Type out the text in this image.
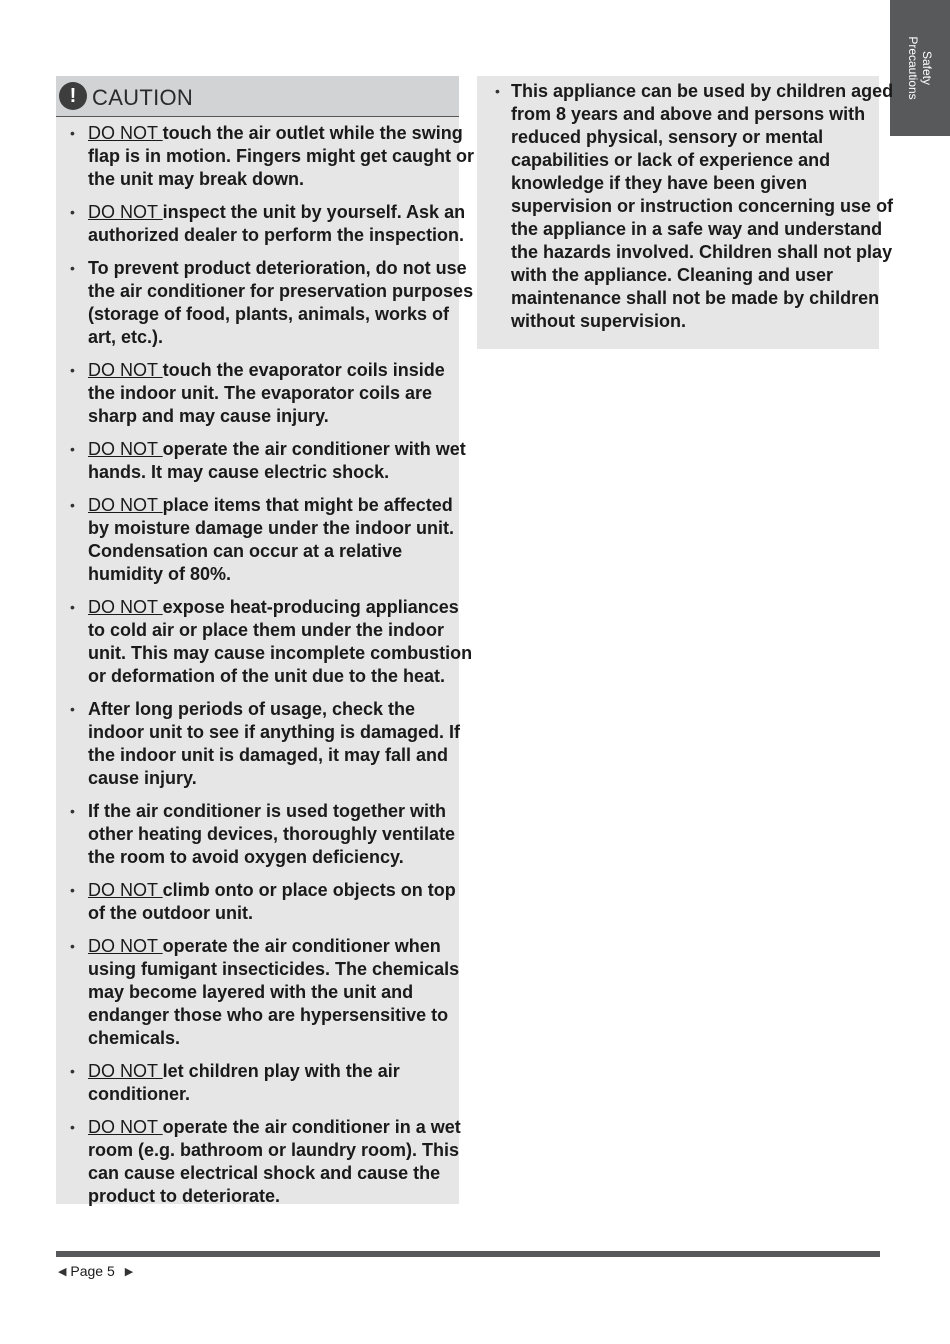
Safety
Precautions
! CAUTION
• DO NOT touch the air outlet while the swing flap is in motion. Fingers might get caught or the unit may break down.
• DO NOT inspect the unit by yourself. Ask an authorized dealer to perform the inspection.
• To prevent product deterioration, do not use the air conditioner for preservation purposes (storage of food, plants, animals, works of art, etc.).
• DO NOT touch the evaporator coils inside the indoor unit. The evaporator coils are sharp and may cause injury.
• DO NOT operate the air conditioner with wet hands. It may cause electric shock.
• DO NOT place items that might be affected by moisture damage under the indoor unit. Condensation can occur at a relative humidity of 80%.
• DO NOT expose heat-producing appliances to cold air or place them under the indoor unit. This may cause incomplete combustion or deformation of the unit due to the heat.
• After long periods of usage, check the indoor unit to see if anything is damaged. If the indoor unit is damaged, it may fall and cause injury.
• If the air conditioner is used together with other heating devices, thoroughly ventilate the room to avoid oxygen deficiency.
• DO NOT climb onto or place objects on top of the outdoor unit.
• DO NOT operate the air conditioner when using fumigant insecticides. The chemicals may become layered with the unit and endanger those who are hypersensitive to chemicals.
• DO NOT let children play with the air conditioner.
• DO NOT operate the air conditioner in a wet room (e.g. bathroom or laundry room). This can cause electrical shock and cause the product to deteriorate.
• This appliance can be used by children aged from 8 years and above and persons with reduced physical, sensory or mental capabilities or lack of experience and knowledge if they have been given supervision or instruction concerning use of the appliance in a safe way and understand the hazards involved. Children shall not play with the appliance. Cleaning and user maintenance shall not be made by children without supervision.
◀ Page 5   ▶
